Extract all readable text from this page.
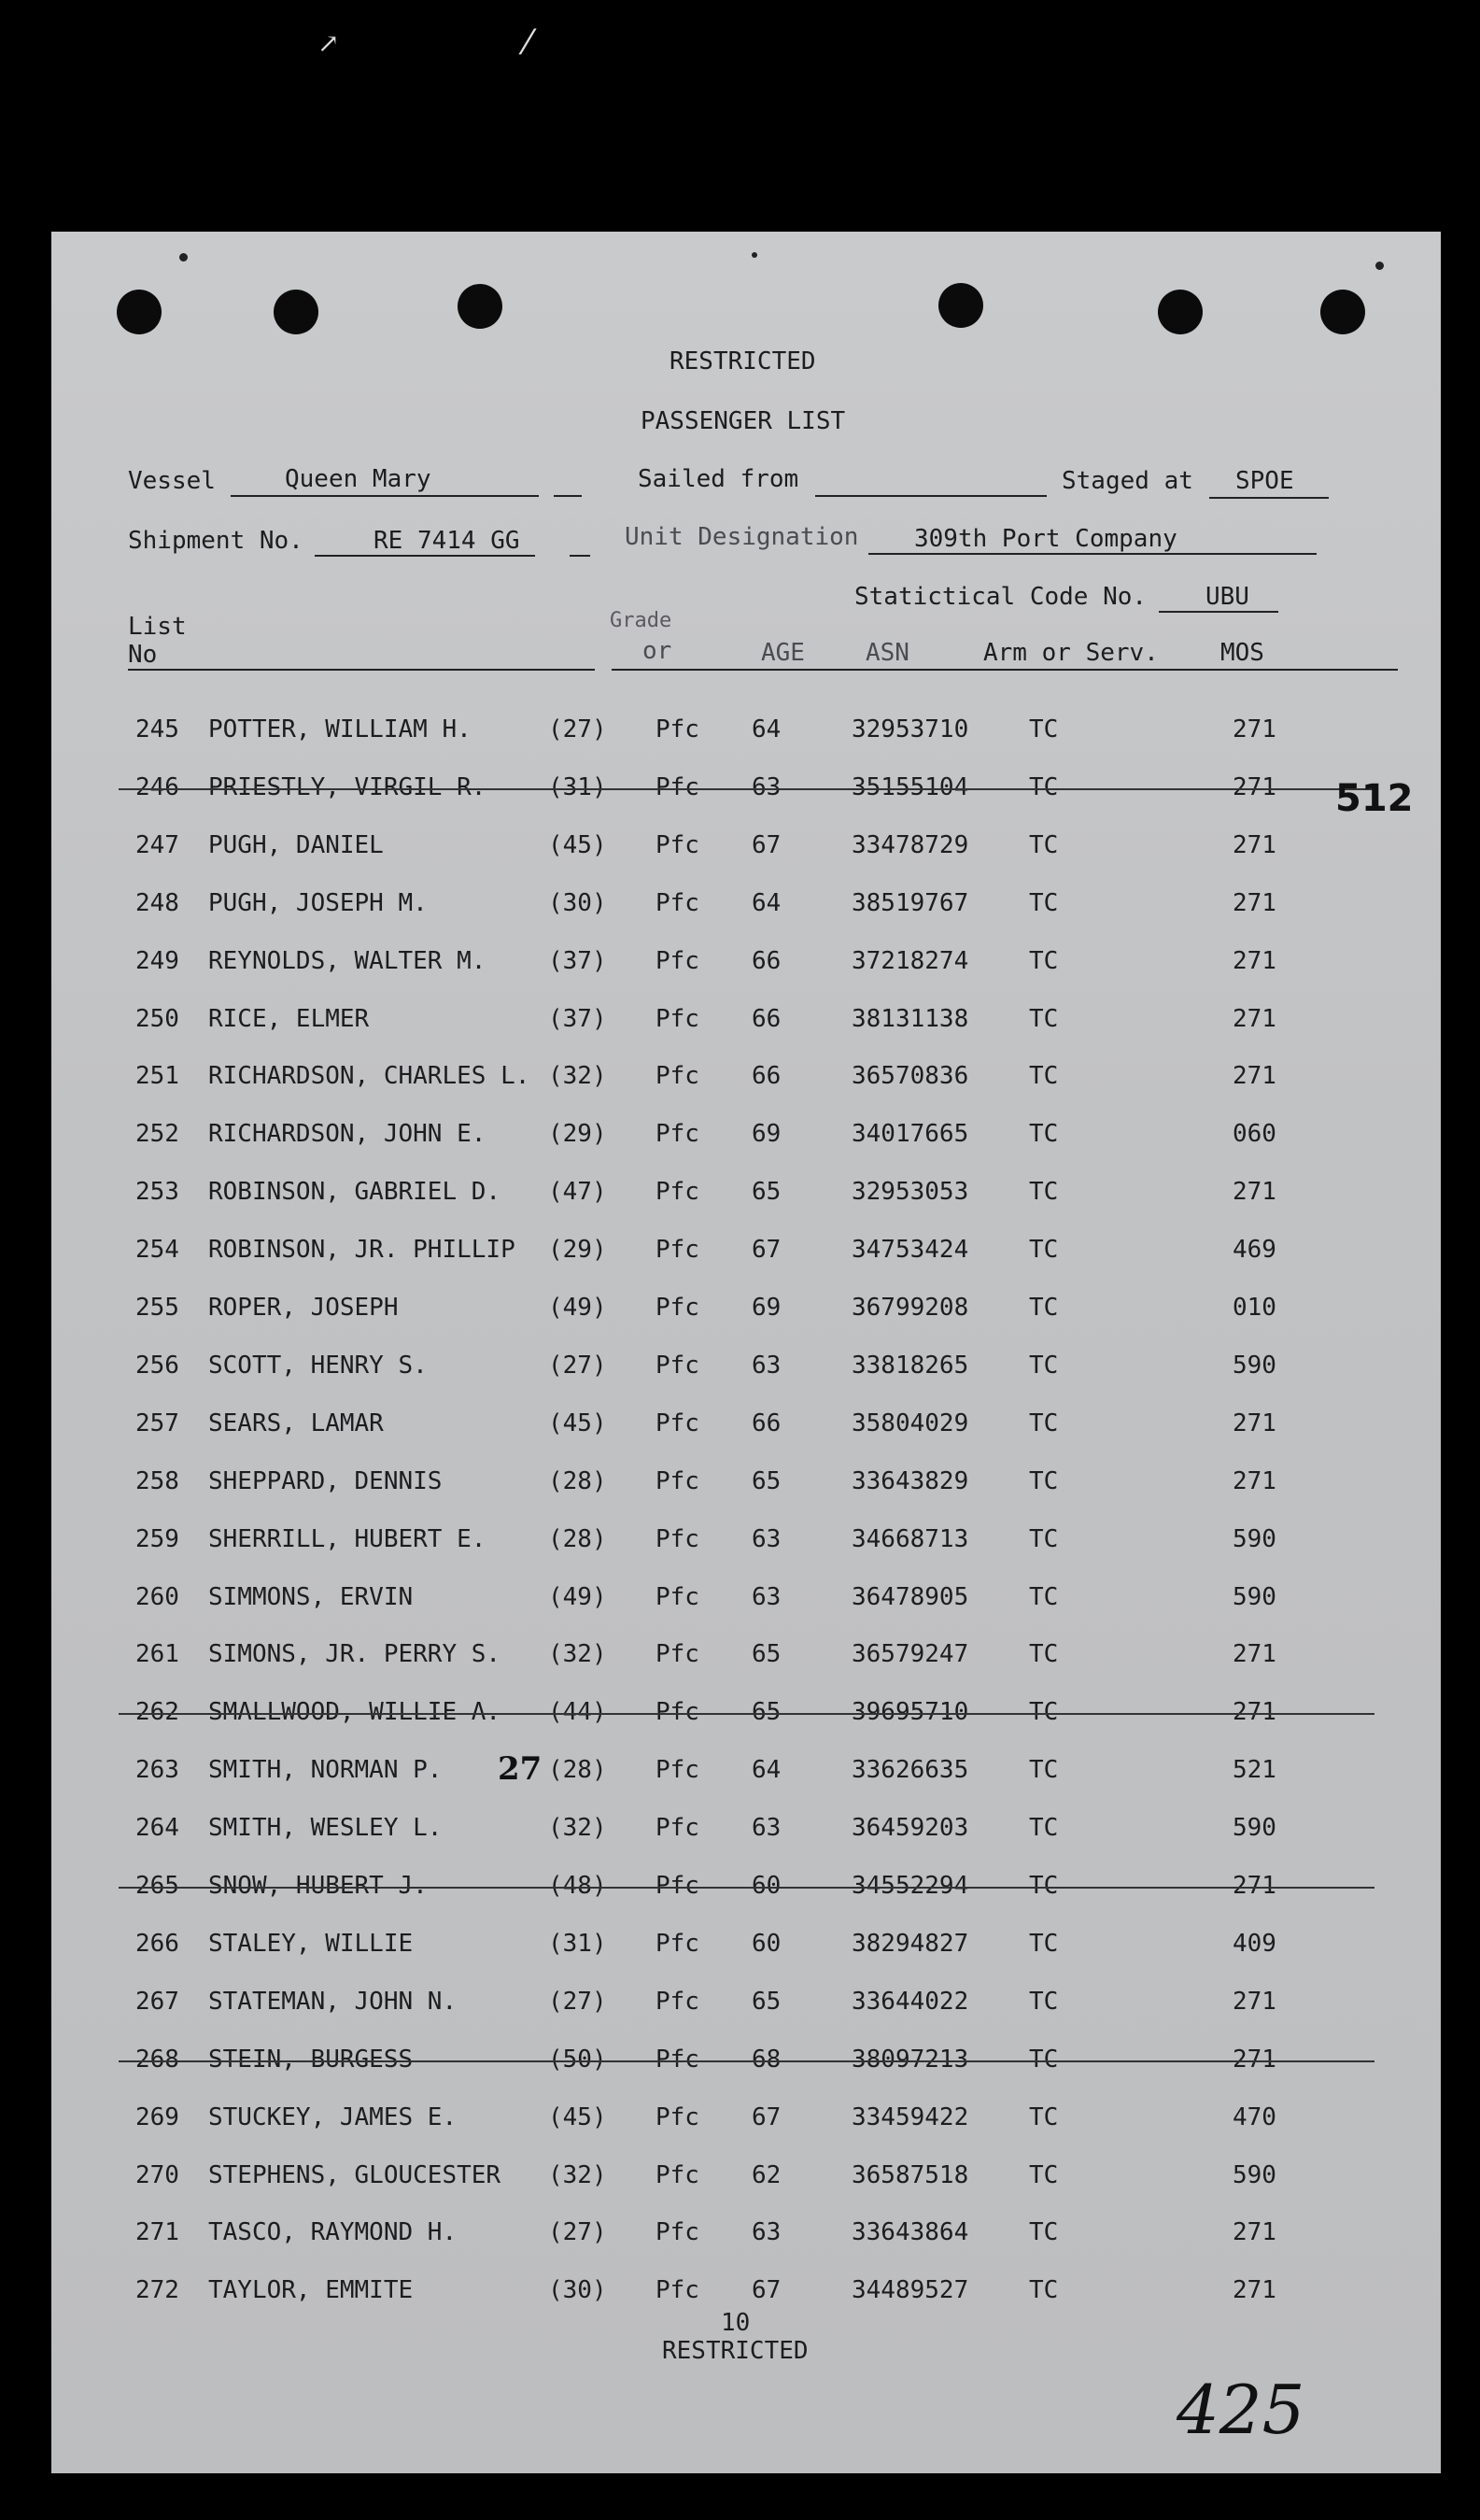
↗	⁄
RESTRICTED
PASSENGER LIST
Vessel	Queen Mary	Sailed from	Staged at SPOE
Shipment No.	RE 7414 GG	Unit Designation 309th Port Company
Statictical Code No. UBU
List
No
Grade
or	AGE	ASN	Arm or Serv.	MOS
245 POTTER, WILLIAM H.	(27) Pfc 64	32953710 TC	271
246 PRIESTLY, VIRGIL R.	(31) Pfc 63	35155104 TC	271
247 PUGH, DANIEL	(45) Pfc 67	33478729 TC	271
248 PUGH, JOSEPH M.	(30) Pfc 64	38519767 TC	271
249 REYNOLDS, WALTER M.	(37) Pfc 66	37218274 TC	271
250 RICE, ELMER	(37) Pfc 66	38131138 TC	271
251 RICHARDSON, CHARLES L. (32) Pfc 66	36570836 TC	271
252 RICHARDSON, JOHN E.	(29) Pfc 69	34017665 TC	060
253 ROBINSON, GABRIEL D. (47) Pfc 65	32953053 TC	271
254 ROBINSON, JR. PHILLIP (29) Pfc 67	34753424 TC	469
255 ROPER, JOSEPH	(49) Pfc 69	36799208 TC	010
256 SCOTT, HENRY S.	(27) Pfc 63	33818265 TC	590
257 SEARS, LAMAR	(45) Pfc 66	35804029 TC	271
258 SHEPPARD, DENNIS	(28) Pfc 65	33643829 TC	271
259 SHERRILL, HUBERT E.	(28) Pfc 63	34668713 TC	590
260 SIMMONS, ERVIN	(49) Pfc 63	36478905 TC	590
261 SIMONS, JR. PERRY S. (32) Pfc 65	36579247 TC	271
262 SMALLWOOD, WILLIE A. (44) Pfc 65	39695710 TC	271
263 SMITH, NORMAN P.	(28) Pfc 64	33626635 TC	521
27
264 SMITH, WESLEY L.	(32) Pfc 63	36459203 TC	590
265 SNOW, HUBERT J.	(48) Pfc 60	34552294 TC	271
266 STALEY, WILLIE	(31) Pfc 60	38294827 TC	409
267 STATEMAN, JOHN N.	(27) Pfc 65	33644022 TC	271
268 STEIN, BURGESS	(50) Pfc 68	38097213 TC	271
269 STUCKEY, JAMES E.	(45) Pfc 67	33459422 TC	470
270 STEPHENS, GLOUCESTER (32) Pfc 62	36587518 TC	590
271 TASCO, RAYMOND H.	(27) Pfc 63	33643864 TC	271
272 TAYLOR, EMMITE	(30) Pfc 67	34489527 TC	271
512
10
RESTRICTED
425
